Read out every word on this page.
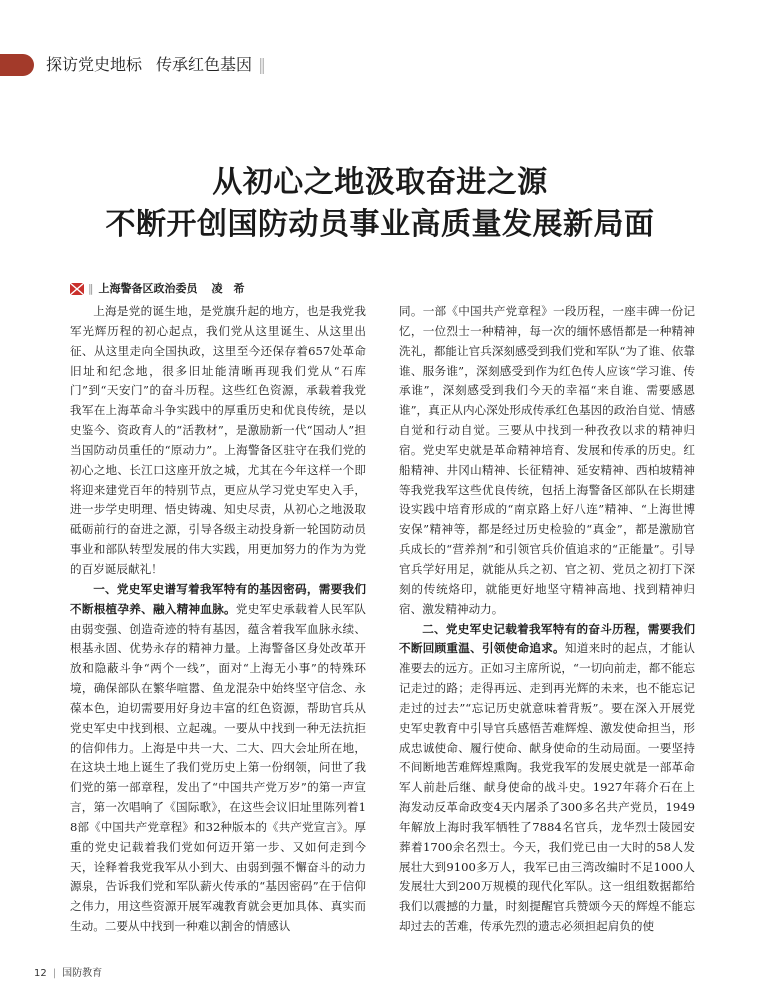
探访党史地标 传承红色基因 ‖
从初心之地汲取奋进之源
不断开创国防动员事业高质量发展新局面
‖ 上海警备区政治委员 凌　希

上海是党的诞生地，是党旗升起的地方，也是我党我军光辉历程的初心起点，我们党从这里诞生、从这里出征、从这里走向全国执政，这里至今还保存着657处革命旧址和纪念地，很多旧址能清晰再现我们党从“石库门”到“天安门”的奋斗历程。这些红色资源，承载着我党我军在上海革命斗争实践中的厚重历史和优良传统，是以史鉴今、资政育人的“活教材”，是激励新一代“国动人”担当国防动员重任的“原动力”。上海警备区驻守在我们党的初心之地、长江口这座开放之城，尤其在今年这样一个即将迎来建党百年的特别节点，更应从学习党史军史入手，进一步学史明理、悟史铸魂、知史尽责，从初心之地汲取砥砺前行的奋进之源，引导各级主动投身新一轮国防动员事业和部队转型发展的伟大实践，用更加努力的作为为党的百岁诞辰献礼！

一、党史军史谱写着我军特有的基因密码，需要我们不断根植孕养、融入精神血脉。党史军史承载着人民军队由弱变强、创造奇迹的特有基因，蕴含着我军血脉永续、根基永固、优势永存的精神力量。上海警备区身处改革开放和隐蔽斗争“两个一线”，面对“上海无小事”的特殊环境，确保部队在繁华喧嚣、鱼龙混杂中始终坚守信念、永葆本色，迫切需要用好身边丰富的红色资源，帮助官兵从党史军史中找到根、立起魂。一要从中找到一种无法抗拒的信仰伟力。上海是中共一大、二大、四大会址所在地，在这块土地上诞生了我们党历史上第一份纲领，问世了我们党的第一部章程，发出了“中国共产党万岁”的第一声宣言，第一次唱响了《国际歌》，在这些会议旧址里陈列着18部《中国共产党章程》和32种版本的《共产党宣言》。厚重的党史记载着我们党如何迈开第一步、又如何走到今天，诠释着我党我军从小到大、由弱到强不懈奋斗的动力源泉，告诉我们党和军队薪火传承的“基因密码”在于信仰之伟力，用这些资源开展军魂教育就会更加具体、真实而生动。二要从中找到一种难以割舍的情感认

同。一部《中国共产党章程》一段历程，一座丰碑一份记忆，一位烈士一种精神，每一次的缅怀感悟都是一种精神洗礼，都能让官兵深刻感受到我们党和军队“为了谁、依靠谁、服务谁”，深刻感受到作为红色传人应该“学习谁、传承谁”，深刻感受到我们今天的幸福“来自谁、需要感恩谁”，真正从内心深处形成传承红色基因的政治自觉、情感自觉和行动自觉。三要从中找到一种孜孜以求的精神归宿。党史军史就是革命精神培育、发展和传承的历史。红船精神、井冈山精神、长征精神、延安精神、西柏坡精神等我党我军这些优良传统，包括上海警备区部队在长期建设实践中培育形成的“南京路上好八连”精神、“上海世博安保”精神等，都是经过历史检验的“真金”，都是激励官兵成长的“营养剂”和引领官兵价值追求的“正能量”。引导官兵学好用足，就能从兵之初、官之初、党员之初打下深刻的传统烙印，就能更好地坚守精神高地、找到精神归宿、激发精神动力。

二、党史军史记载着我军特有的奋斗历程，需要我们不断回顾重温、引领使命追求。知道来时的起点，才能认准要去的远方。正如习主席所说，“一切向前走，都不能忘记走过的路；走得再远、走到再光辉的未来，也不能忘记走过的过去”“忘记历史就意味着背叛”。要在深入开展党史军史教育中引导官兵感悟苦难辉煌、激发使命担当，形成忠诚使命、履行使命、献身使命的生动局面。一要坚持不间断地苦难辉煌熏陶。我党我军的发展史就是一部革命军人前赴后继、献身使命的战斗史。1927年蒋介石在上海发动反革命政变4天内屠杀了300多名共产党员，1949年解放上海时我军牺牲了7884名官兵，龙华烈士陵园安葬着1700余名烈士。今天，我们党已由一大时的58人发展壮大到9100多万人，我军已由三湾改编时不足1000人发展壮大到200万规模的现代化军队。这一组组数据都给我们以震撼的力量，时刻提醒官兵赞颂今天的辉煌不能忘却过去的苦难，传承先烈的遗志必须担起肩负的使

12 | 国防教育
